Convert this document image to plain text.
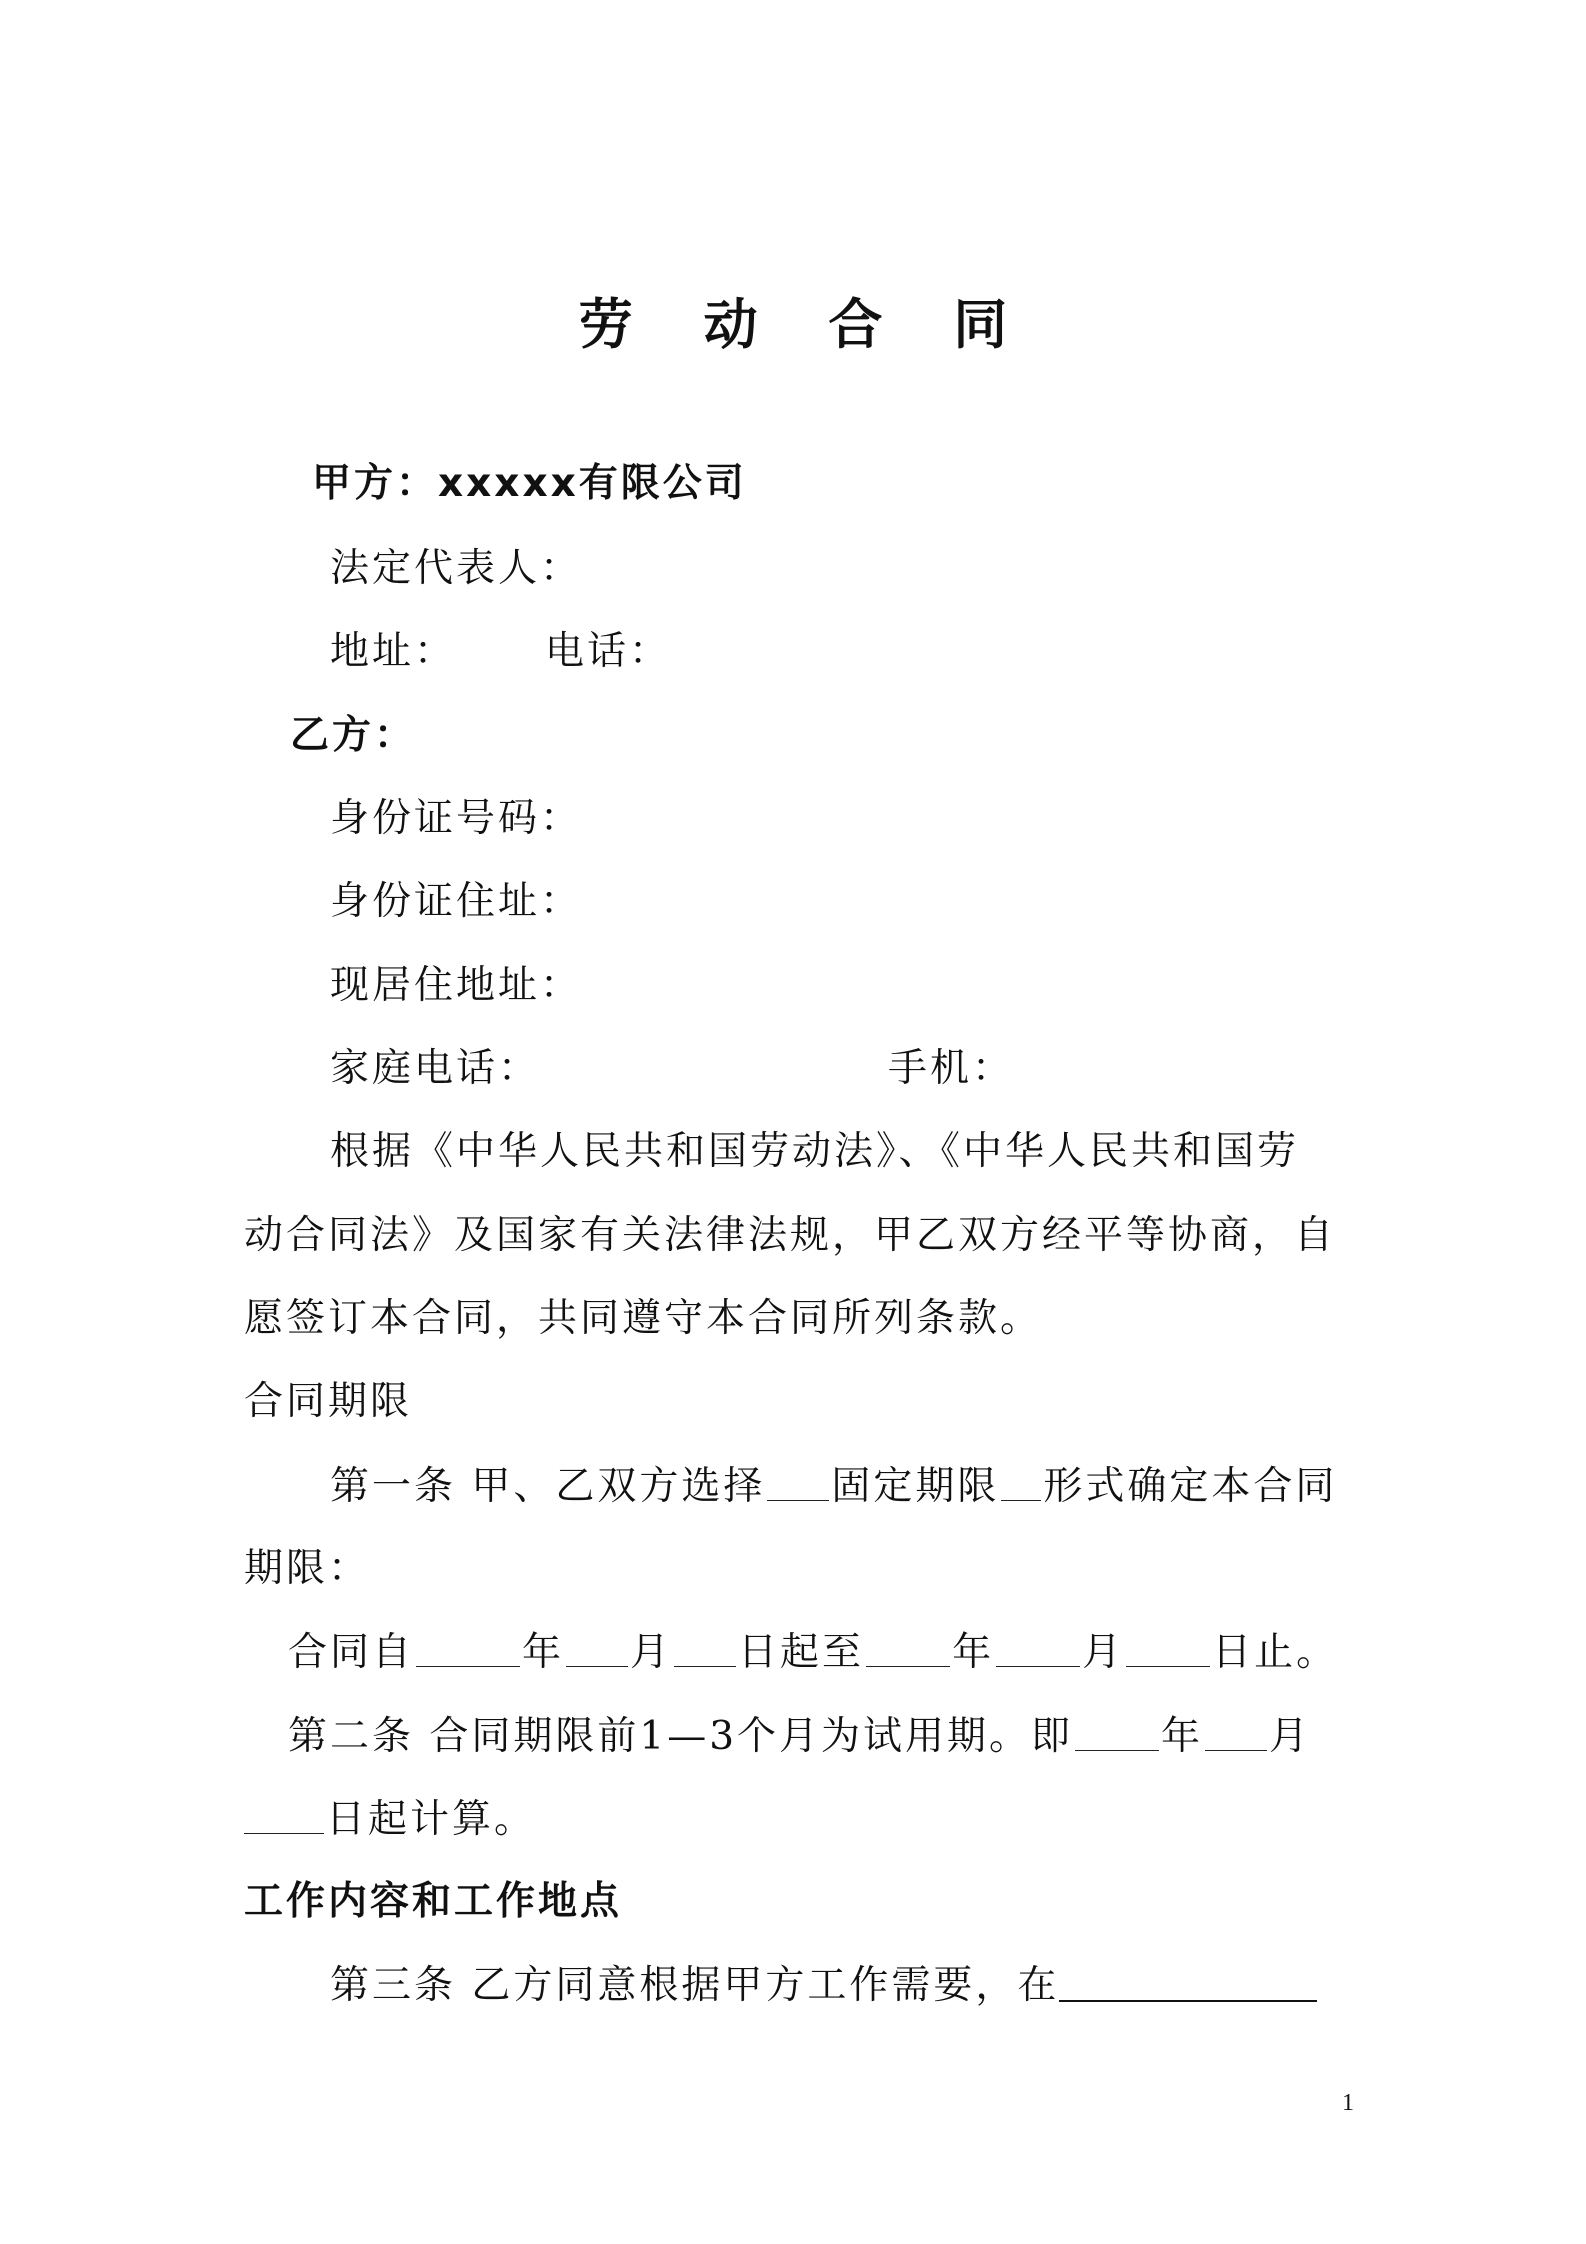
劳 动 合 同
甲方：xxxxx有限公司
法定代表人：
地址： 电话：
乙方：
身份证号码：
身份证住址：
现居住地址：
家庭电话：	手机：
根据《中华人民共和国劳动法》、《中华人民共和国劳
动合同法》及国家有关法律法规，甲乙双方经平等协商，自
愿签订本合同，共同遵守本合同所列条款。
合同期限
第一条 甲、乙双方选择 固定期限 形式确定本合同
期限：
合同自	年 月 日起至 年 月 日止。
第二条 合同期限前1—3个月为试用期。即 年 月
日起计算。
工作内容和工作地点
第三条 乙方同意根据甲方工作需要，在
1
